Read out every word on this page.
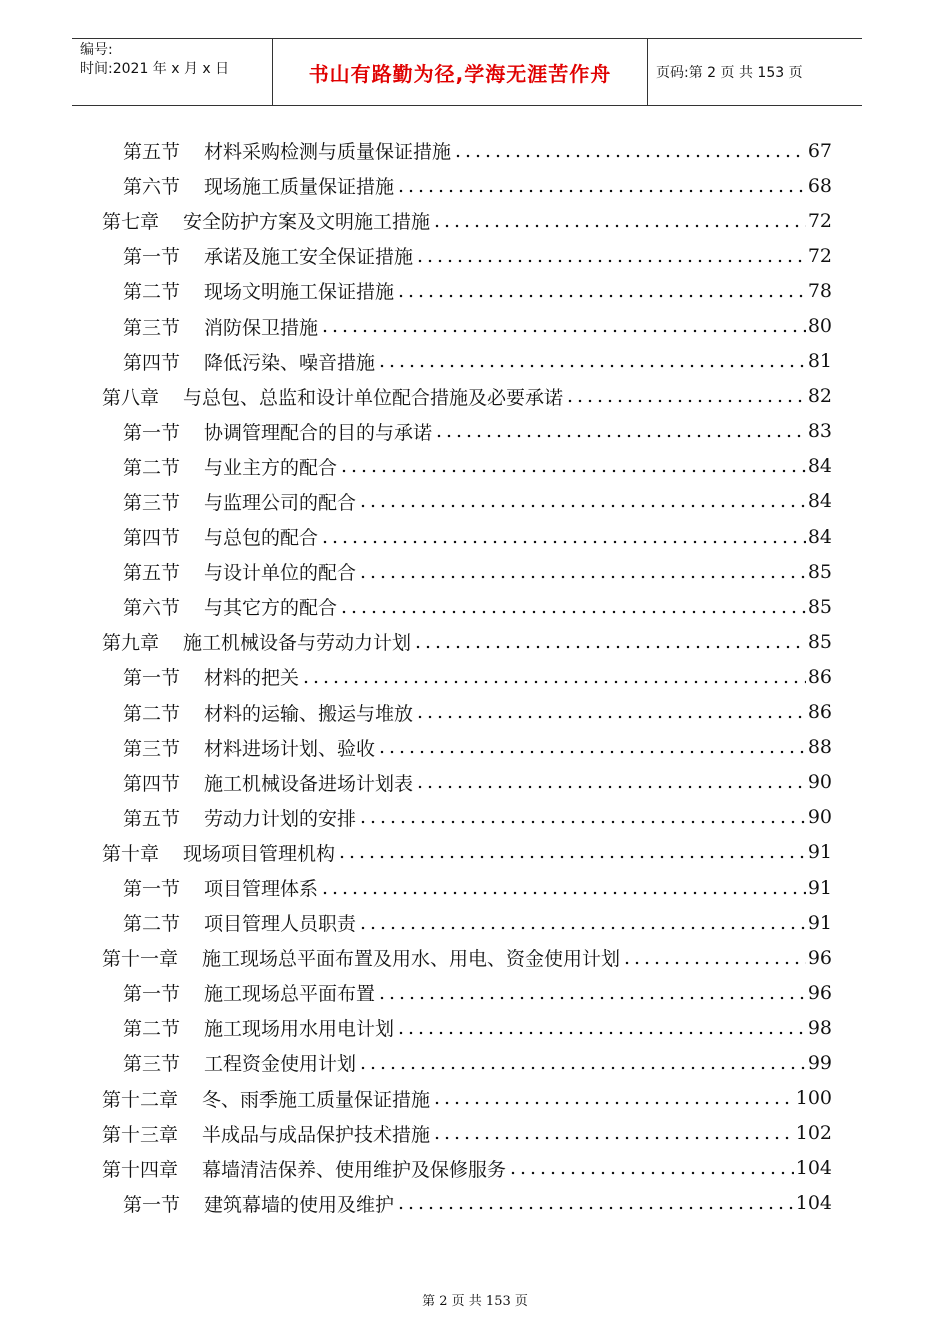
编号:
时间:2021 年 x 月 x 日	书山有路勤为径,学海无涯苦作舟	页码:第 2 页 共 153 页
第五节 材料采购检测与质量保证措施	67
第六节 现场施工质量保证措施	68
第七章 安全防护方案及文明施工措施	72
第一节 承诺及施工安全保证措施	72
第二节 现场文明施工保证措施	78
第三节 消防保卫措施	80
第四节 降低污染、噪音措施	81
第八章 与总包、总监和设计单位配合措施及必要承诺	82
第一节 协调管理配合的目的与承诺	83
第二节 与业主方的配合	84
第三节 与监理公司的配合	84
第四节 与总包的配合	84
第五节 与设计单位的配合	85
第六节 与其它方的配合	85
第九章 施工机械设备与劳动力计划	85
第一节 材料的把关	86
第二节 材料的运输、搬运与堆放	86
第三节 材料进场计划、验收	88
第四节 施工机械设备进场计划表	90
第五节 劳动力计划的安排	90
第十章 现场项目管理机构	91
第一节 项目管理体系	91
第二节 项目管理人员职责	91
第十一章 施工现场总平面布置及用水、用电、资金使用计划	96
第一节 施工现场总平面布置	96
第二节 施工现场用水用电计划	98
第三节 工程资金使用计划	99
第十二章 冬、雨季施工质量保证措施	100
第十三章 半成品与成品保护技术措施	102
第十四章 幕墙清洁保养、使用维护及保修服务	104
第一节 建筑幕墙的使用及维护	104
第 2 页 共 153 页
